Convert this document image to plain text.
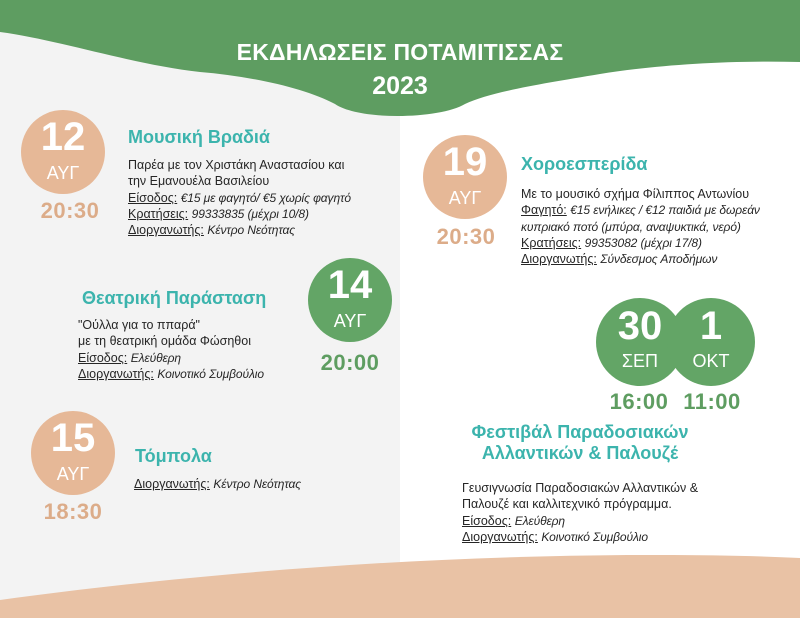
ΕΚΔΗΛΩΣΕΙΣ ΠΟΤΑΜΙΤΙΣΣΑΣ
2023
12
ΑΥΓ
20:30
Μουσική Βραδιά
Παρέα με τον Χριστάκη Αναστασίου και
την Εμανουέλα Βασιλείου
Είσοδος: €15 με φαγητό/ €5 χωρίς φαγητό
Κρατήσεις: 99333835 (μέχρι 10/8)
Διοργανωτής: Κέντρο Νεότητας
Θεατρική Παράσταση	14
ΑΥΓ
20:00
"Ούλλα για το ππαρά"
με τη θεατρική ομάδα Φώσηθοι
Είσοδος: Ελεύθερη
Διοργανωτής: Κοινοτικό Συμβούλιο
15
ΑΥΓ
18:30
Τόμπολα
Διοργανωτής: Κέντρο Νεότητας
19
ΑΥΓ
20:30
Χοροεσπερίδα
Με το μουσικό σχήμα Φίλιππος Αντωνίου
Φαγητό: €15 ενήλικες / €12 παιδιά με δωρεάν
κυπριακό ποτό (μπύρα, αναψυκτικά, νερό)
Κρατήσεις: 99353082 (μέχρι 17/8)
Διοργανωτής: Σύνδεσμος Αποδήμων
30
ΣΕΠ
1
ΟΚΤ
16:00 11:00
Φεστιβάλ Παραδοσιακών
Αλλαντικών & Παλουζέ
Γευσιγνωσία Παραδοσιακών Αλλαντικών &
Παλουζέ και καλλιτεχνικό πρόγραμμα.
Είσοδος: Ελεύθερη
Διοργανωτής: Κοινοτικό Συμβούλιο
